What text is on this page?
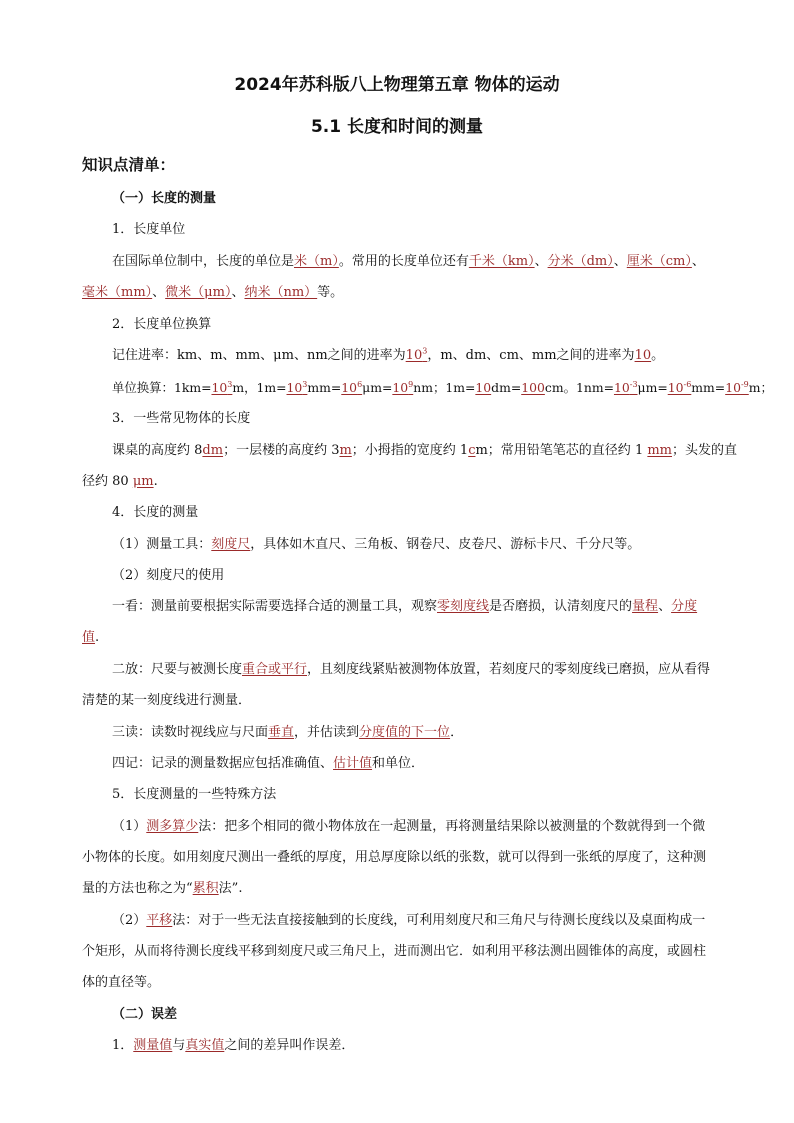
2024年苏科版八上物理第五章 物体的运动
5.1 长度和时间的测量
知识点清单：
（一）长度的测量
1．长度单位
在国际单位制中，长度的单位是米（m）。常用的长度单位还有千米（km）、分米（dm）、厘米（cm）、
毫米（mm）、微米（μm）、纳米（nm）等。
2．长度单位换算
记住进率：km、m、mm、μm、nm之间的进率为$10^3$，m、dm、cm、mm之间的进率为10。
单位换算：$1km=10^3m$，$1m=10^3mm=10^6\mu m=10^9nm$；1m=10dm=100cm。$1nm=10^{-3}\mu m=10^{-6}mm=10^{-9}m$；
3．一些常见物体的长度
课桌的高度约 8dm；一层楼的高度约 3m；小拇指的宽度约 1cm；常用铅笔笔芯的直径约 1 mm；头发的直
径约 80 μm.
4．长度的测量
（1）测量工具：刻度尺，具体如木直尺、三角板、钢卷尺、皮卷尺、游标卡尺、千分尺等。
（2）刻度尺的使用
一看：测量前要根据实际需要选择合适的测量工具，观察零刻度线是否磨损，认清刻度尺的量程、分度
值.
二放：尺要与被测长度重合或平行，且刻度线紧贴被测物体放置，若刻度尺的零刻度线已磨损，应从看得
清楚的某一刻度线进行测量．
三读：读数时视线应与尺面垂直，并估读到分度值的下一位．
四记：记录的测量数据应包括准确值、估计值和单位．
5．长度测量的一些特殊方法
（1）测多算少法：把多个相同的微小物体放在一起测量，再将测量结果除以被测量的个数就得到一个微
小物体的长度。如用刻度尺测出一叠纸的厚度，用总厚度除以纸的张数，就可以得到一张纸的厚度了，这种测
量的方法也称之为“累积法”.
（2）平移法：对于一些无法直接接触到的长度线，可利用刻度尺和三角尺与待测长度线以及桌面构成一
个矩形，从而将待测长度线平移到刻度尺或三角尺上，进而测出它．如利用平移法测出圆锥体的高度，或圆柱
体的直径等。
（二）误差
1．测量值与真实值之间的差异叫作误差．
